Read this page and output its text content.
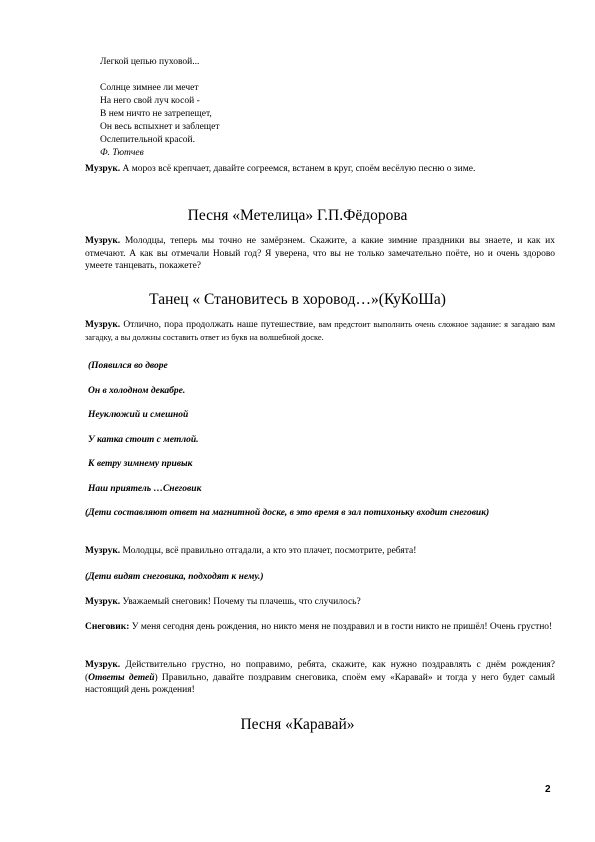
Легкой цепью пуховой...
Солнце зимнее ли мечет
На него свой луч косой -
В нем ничто не затрепещет,
Он весь вспыхнет и заблещет
Ослепительной красой.
Ф. Тютчев
Музрук. А мороз всё крепчает, давайте согреемся, встанем в круг, споём весёлую песню о зиме.
Песня «Метелица» Г.П.Фёдорова
Музрук. Молодцы, теперь мы точно не замёрзнем. Скажите, а какие зимние праздники вы знаете, и как их отмечают. А как вы отмечали Новый год? Я уверена, что вы не только замечательно поёте, но и очень здорово умеете танцевать, покажете?
Танец « Становитесь в хоровод…»(КуКоШа)
Музрук. Отлично, пора продолжать наше путешествие, вам предстоит выполнить очень сложное задание: я загадаю вам загадку, а вы должны составить ответ из букв на волшебной доске.
(Появился во дворе
Он в холодном декабре.
Неуклюжий и смешной
У катка стоит с метлой.
К ветру зимнему привык
Наш приятель …Снеговик
(Дети составляют ответ на магнитной доске, в это время в зал потихоньку входит снеговик)
Музрук. Молодцы, всё правильно отгадали, а кто это плачет, посмотрите, ребята!
(Дети видят снеговика, подходят к нему.)
Музрук. Уважаемый снеговик! Почему ты плачешь, что случилось?
Снеговик: У меня сегодня день рождения, но никто меня не поздравил и в гости никто не пришёл! Очень грустно!
Музрук. Действительно грустно, но поправимо, ребята, скажите, как нужно поздравлять с днём рождения? (Ответы детей) Правильно, давайте поздравим снеговика, споём ему «Каравай» и тогда у него будет самый настоящий день рождения!
Песня «Каравай»
2
